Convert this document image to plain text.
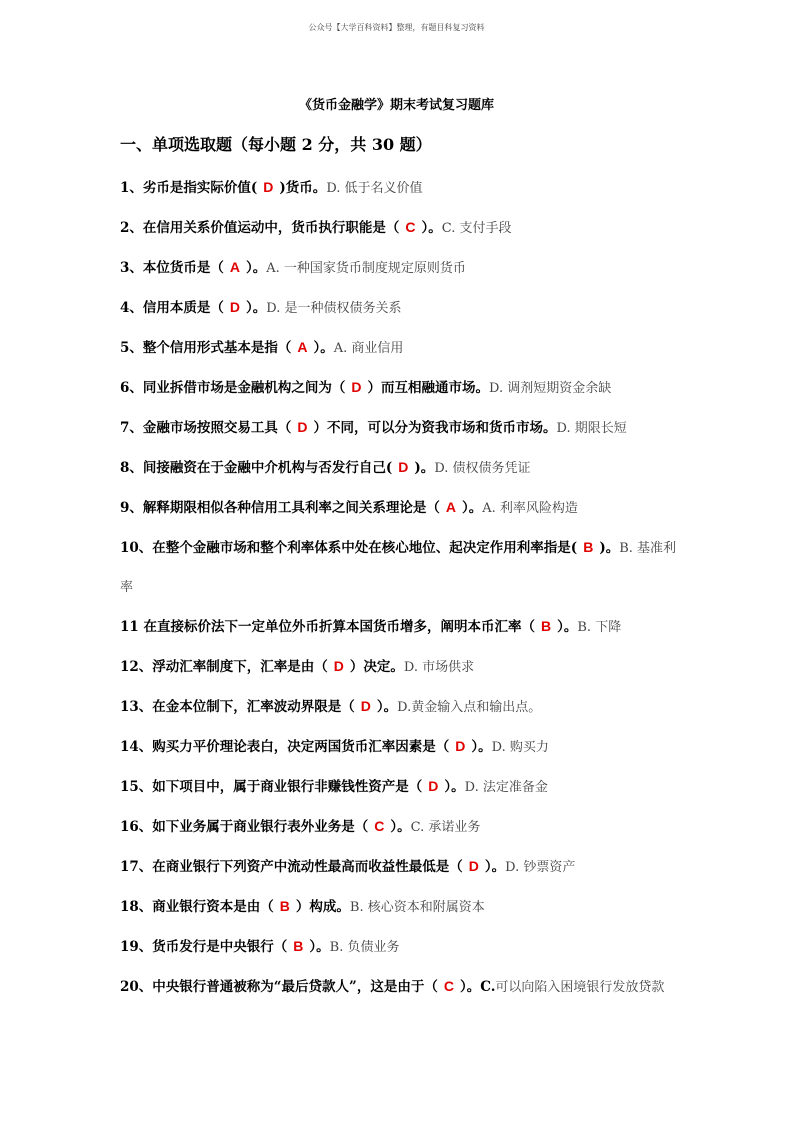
公众号【大学百科资料】整理，有题目科复习资料
《货币金融学》期末考试复习题库
一、单项选取题（每小题 2 分，共 30 题）
1、劣币是指实际价值( D )货币。D. 低于名义价值
2、在信用关系价值运动中，货币执行职能是（ C ）。C. 支付手段
3、本位货币是（ A ）。A. 一种国家货币制度规定原则货币
4、信用本质是（ D ）。D. 是一种债权债务关系
5、整个信用形式基本是指（ A ）。A. 商业信用
6、同业拆借市场是金融机构之间为（ D ）而互相融通市场。D. 调剂短期资金余缺
7、金融市场按照交易工具（ D ）不同，可以分为资我市场和货币市场。D. 期限长短
8、间接融资在于金融中介机构与否发行自己( D )。D. 债权债务凭证
9、解释期限相似各种信用工具利率之间关系理论是（ A ）。A. 利率风险构造
10、在整个金融市场和整个利率体系中处在核心地位、起决定作用利率指是( B )。B. 基准利率
11 在直接标价法下一定单位外币折算本国货币增多，阐明本币汇率（ B ）。B. 下降
12、浮动汇率制度下，汇率是由（ D ）决定。D. 市场供求
13、在金本位制下，汇率波动界限是（ D ）。D.黄金输入点和输出点。
14、购买力平价理论表白，决定两国货币汇率因素是（ D ）。D. 购买力
15、如下项目中，属于商业银行非赚钱性资产是（ D ）。D. 法定准备金
16、如下业务属于商业银行表外业务是（ C ）。C. 承诺业务
17、在商业银行下列资产中流动性最高而收益性最低是（ D ）。D. 钞票资产
18、商业银行资本是由（ B ）构成。B. 核心资本和附属资本
19、货币发行是中央银行（ B ）。B. 负债业务
20、中央银行普通被称为“最后贷款人”，这是由于（ C ）。C.可以向陷入困境银行发放贷款
